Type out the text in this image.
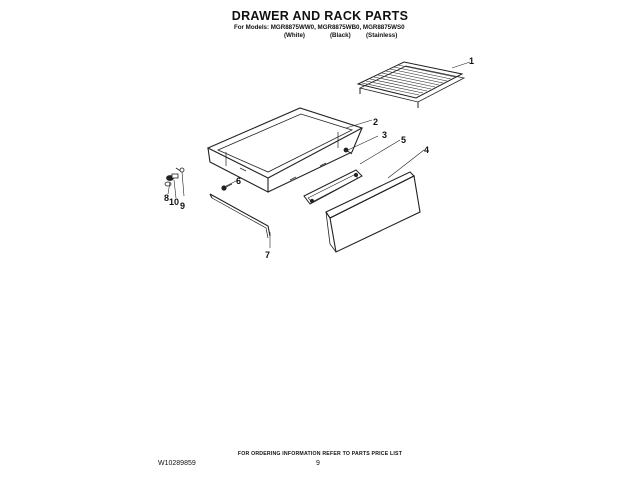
DRAWER AND RACK PARTS
For Models: MGR8875WW0, MGR8875WB0, MGR8875WS0
(White)	(Black) (Stainless)
1
2
3
4
5
6
7
8
9
10
FOR ORDERING INFORMATION REFER TO PARTS PRICE LIST
W10289859	9
